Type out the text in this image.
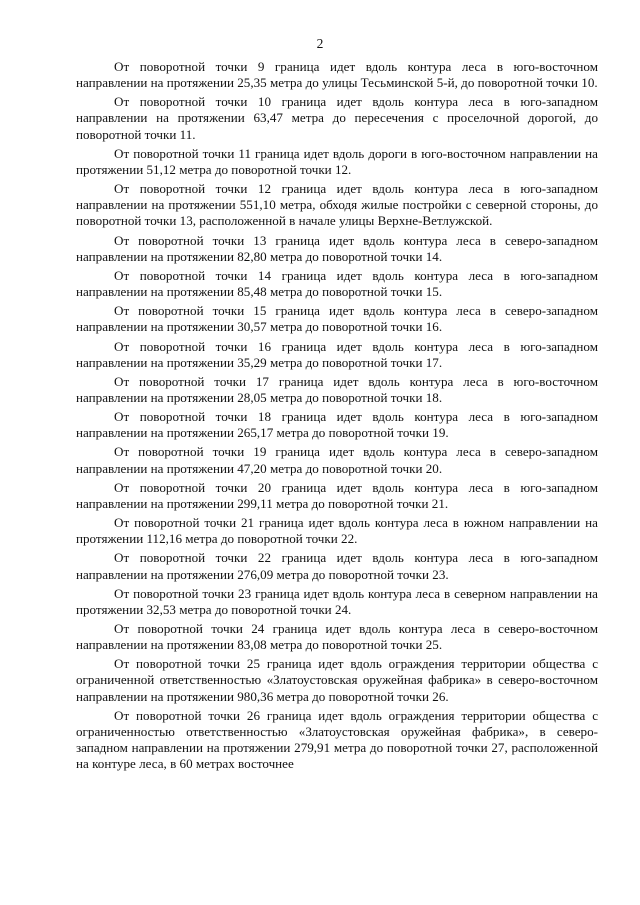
2

От поворотной точки 9 граница идет вдоль контура леса в юго-восточном направлении на протяжении 25,35 метра до улицы Тесьминской 5-й, до поворотной точки 10.

От поворотной точки 10 граница идет вдоль контура леса в юго-западном направлении на протяжении 63,47 метра до пересечения с проселочной дорогой, до поворотной точки 11.

От поворотной точки 11 граница идет вдоль дороги в юго-восточном направлении на протяжении 51,12 метра до поворотной точки 12.

От поворотной точки 12 граница идет вдоль контура леса в юго-западном направлении на протяжении 551,10 метра, обходя жилые постройки с северной стороны, до поворотной точки 13, расположенной в начале улицы Верхне-Ветлужской.

От поворотной точки 13 граница идет вдоль контура леса в северо-западном направлении на протяжении 82,80 метра до поворотной точки 14.

От поворотной точки 14 граница идет вдоль контура леса в юго-западном направлении на протяжении 85,48 метра до поворотной точки 15.

От поворотной точки 15 граница идет вдоль контура леса в северо-западном направлении на протяжении 30,57 метра до поворотной точки 16.

От поворотной точки 16 граница идет вдоль контура леса в юго-западном направлении на протяжении 35,29 метра до поворотной точки 17.

От поворотной точки 17 граница идет вдоль контура леса в юго-восточном направлении на протяжении 28,05 метра до поворотной точки 18.

От поворотной точки 18 граница идет вдоль контура леса в юго-западном направлении на протяжении 265,17 метра до поворотной точки 19.

От поворотной точки 19 граница идет вдоль контура леса в северо-западном направлении на протяжении 47,20 метра до поворотной точки 20.

От поворотной точки 20 граница идет вдоль контура леса в юго-западном направлении на протяжении 299,11 метра до поворотной точки 21.

От поворотной точки 21 граница идет вдоль контура леса в южном направлении на протяжении 112,16 метра до поворотной точки 22.

От поворотной точки 22 граница идет вдоль контура леса в юго-западном направлении на протяжении 276,09 метра до поворотной точки 23.

От поворотной точки 23 граница идет вдоль контура леса в северном направлении на протяжении 32,53 метра до поворотной точки 24.

От поворотной точки 24 граница идет вдоль контура леса в северо-восточном направлении на протяжении 83,08 метра до поворотной точки 25.

От поворотной точки 25 граница идет вдоль ограждения территории общества с ограниченной ответственностью «Златоустовская оружейная фабрика» в северо-восточном направлении на протяжении 980,36 метра до поворотной точки 26.

От поворотной точки 26 граница идет вдоль ограждения территории общества с ограниченностью ответственностью «Златоустовская оружейная фабрика», в северо-западном направлении на протяжении 279,91 метра до поворотной точки 27, расположенной на контуре леса, в 60 метрах восточнее
